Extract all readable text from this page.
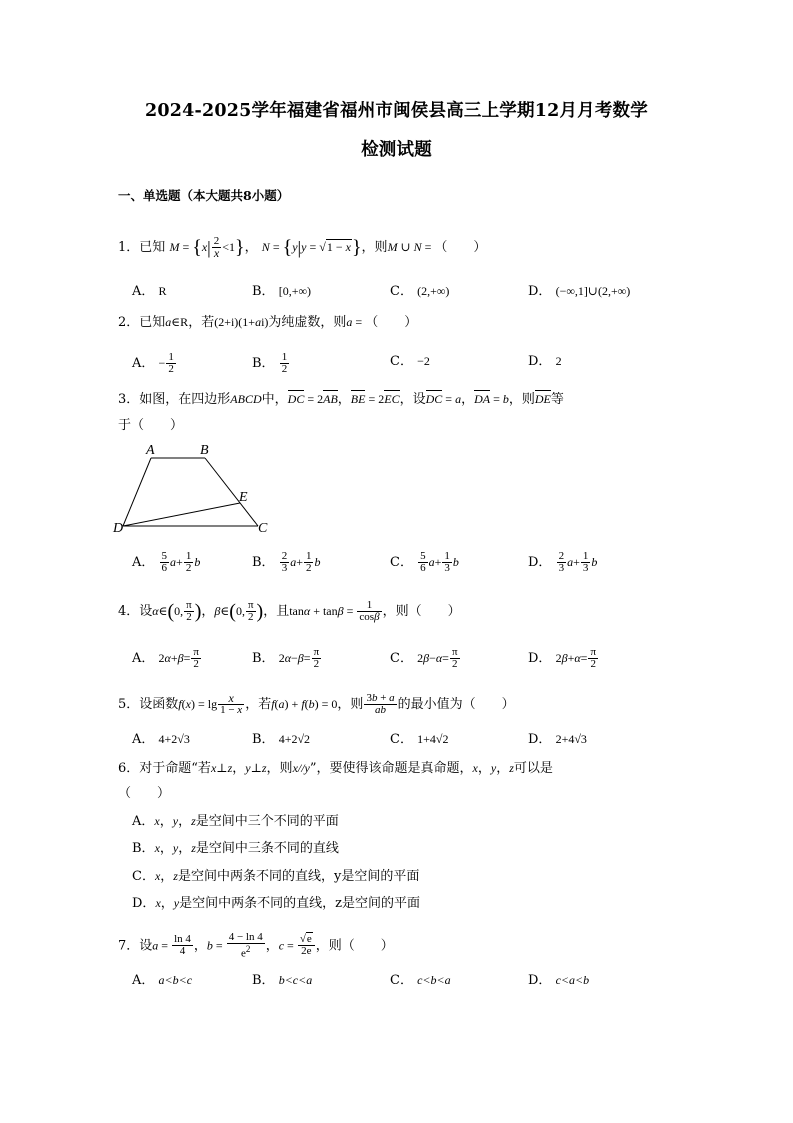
2024-2025学年福建省福州市闽侯县高三上学期12月月考数学
检测试题
一、单选题（本大题共8小题）
1．已知 $M = \{x| \frac{2}{x} <1\}$， N = {y|y = √1 − x}，则M ∪ N = （　　）
A． R	B． [0,+∞)	C． (2,+∞)	D． (−∞,1]∪(2,+∞)
2．已知a∈R，若(2+i)(1+ai)为纯虚数，则a = （　　）
A． − $\frac{1}{2}$	B． $\frac{1}{2}$	C． −2	D． 2
3．如图，在四边形ABCD中，DC = 2AB，BE = 2EC，设DC = a，DA = b，则DE等
于（　　）
A	B
E
D	C
A． $\frac{5}{6} a+ \frac{1}{2}$ b	B． $\frac{2}{3} a+ \frac{1}{2}$ b	C． $\frac{5}{6} a+ \frac{1}{3}$ b	D． $\frac{2}{3} a+ \frac{1}{3}$ b
4．设α∈(0, $\frac{\pi}{2}$ )，β∈(0, $\frac{\pi}{2}$ )，且$\tan\alpha + \tan\beta = \frac{1}{\cos\beta}$ ，则（　　）
A． $2\alpha+\beta= \frac{\pi}{2}$	B． $2\alpha-\beta= \frac{\pi}{2}$	C． $2\beta-\alpha= \frac{\pi}{2}$	D． $2\beta+\alpha= \frac{\pi}{2}$
5．设函数$f(x) = \lg \frac{x}{1 - x}$ ，若f(a) + f(b) = 0，则 $\frac{3b + a}{ab}$ 的最小值为（　　）
A． 4+2√3	B． 4+2√2	C． 1+4√2	D． 2+4√3
6．对于命题“若x⊥z，y⊥z，则x//y”，要使得该命题是真命题，x，y，z可以是
（　　）
A．x，y，z是空间中三个不同的平面
B．x，y，z是空间中三条不同的直线
C．x，z是空间中两条不同的直线，y是空间的平面
D．x，y是空间中两条不同的直线，z是空间的平面
7．设$a = \frac{\ln 4}{4}$ ，$b = \frac{4 - \ln 4}{e^2}$ ，$c = \frac{√e}{2e}$ ，则（　　）
A． a<b<c	B． b<c<a	C． c<b<a	D． c<a<b
